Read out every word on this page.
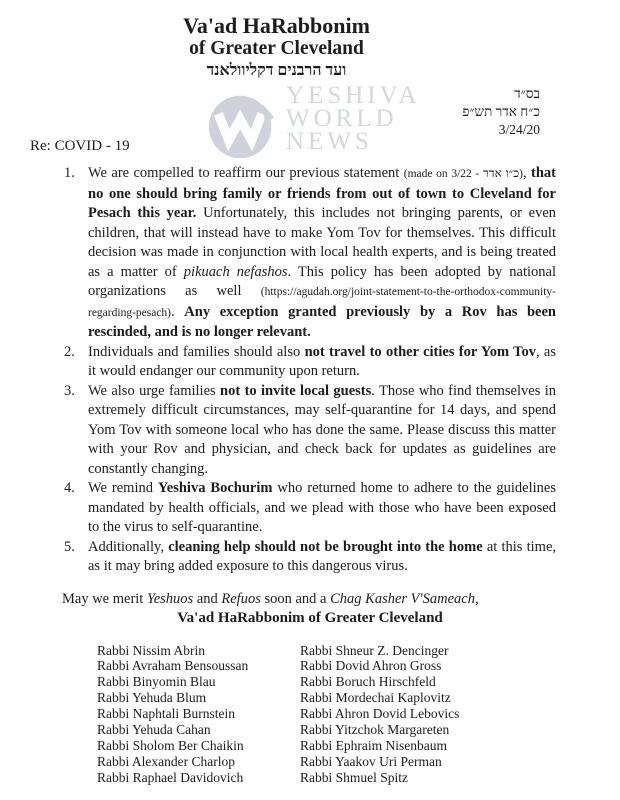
YESHIVA
WORLD
NEWS
Va'ad HaRabbonim
of Greater Cleveland
ועד הרבנים דקליוולאנד
בס״ד
כ״ח אדר תש״פ
3/24/20
Re: COVID - 19
1. We are compelled to reaffirm our previous statement (made on 3/22 - כ״ו אדר), that no one should bring family or friends from out of town to Cleveland for Pesach this year. Unfortunately, this includes not bringing parents, or even children, that will instead have to make Yom Tov for themselves. This difficult decision was made in conjunction with local health experts, and is being treated as a matter of pikuach nefashos. This policy has been adopted by national organizations as well (https://agudah.org/joint-statement-to-the-orthodox-community-regarding-pesach). Any exception granted previously by a Rov has been rescinded, and is no longer relevant.
2. Individuals and families should also not travel to other cities for Yom Tov, as it would endanger our community upon return.
3. We also urge families not to invite local guests. Those who find themselves in extremely difficult circumstances, may self-quarantine for 14 days, and spend Yom Tov with someone local who has done the same. Please discuss this matter with your Rov and physician, and check back for updates as guidelines are constantly changing.
4. We remind Yeshiva Bochurim who returned home to adhere to the guidelines mandated by health officials, and we plead with those who have been exposed to the virus to self-quarantine.
5. Additionally, cleaning help should not be brought into the home at this time, as it may bring added exposure to this dangerous virus.
May we merit Yeshuos and Refuos soon and a Chag Kasher V'Sameach,
Va'ad HaRabbonim of Greater Cleveland
Rabbi Nissim Abrin
Rabbi Avraham Bensoussan
Rabbi Binyomin Blau
Rabbi Yehuda Blum
Rabbi Naphtali Burnstein
Rabbi Yehuda Cahan
Rabbi Sholom Ber Chaikin
Rabbi Alexander Charlop
Rabbi Raphael Davidovich
Rabbi Shneur Z. Dencinger
Rabbi Dovid Ahron Gross
Rabbi Boruch Hirschfeld
Rabbi Mordechai Kaplovitz
Rabbi Ahron Dovid Lebovics
Rabbi Yitzchok Margareten
Rabbi Ephraim Nisenbaum
Rabbi Yaakov Uri Perman
Rabbi Shmuel Spitz
